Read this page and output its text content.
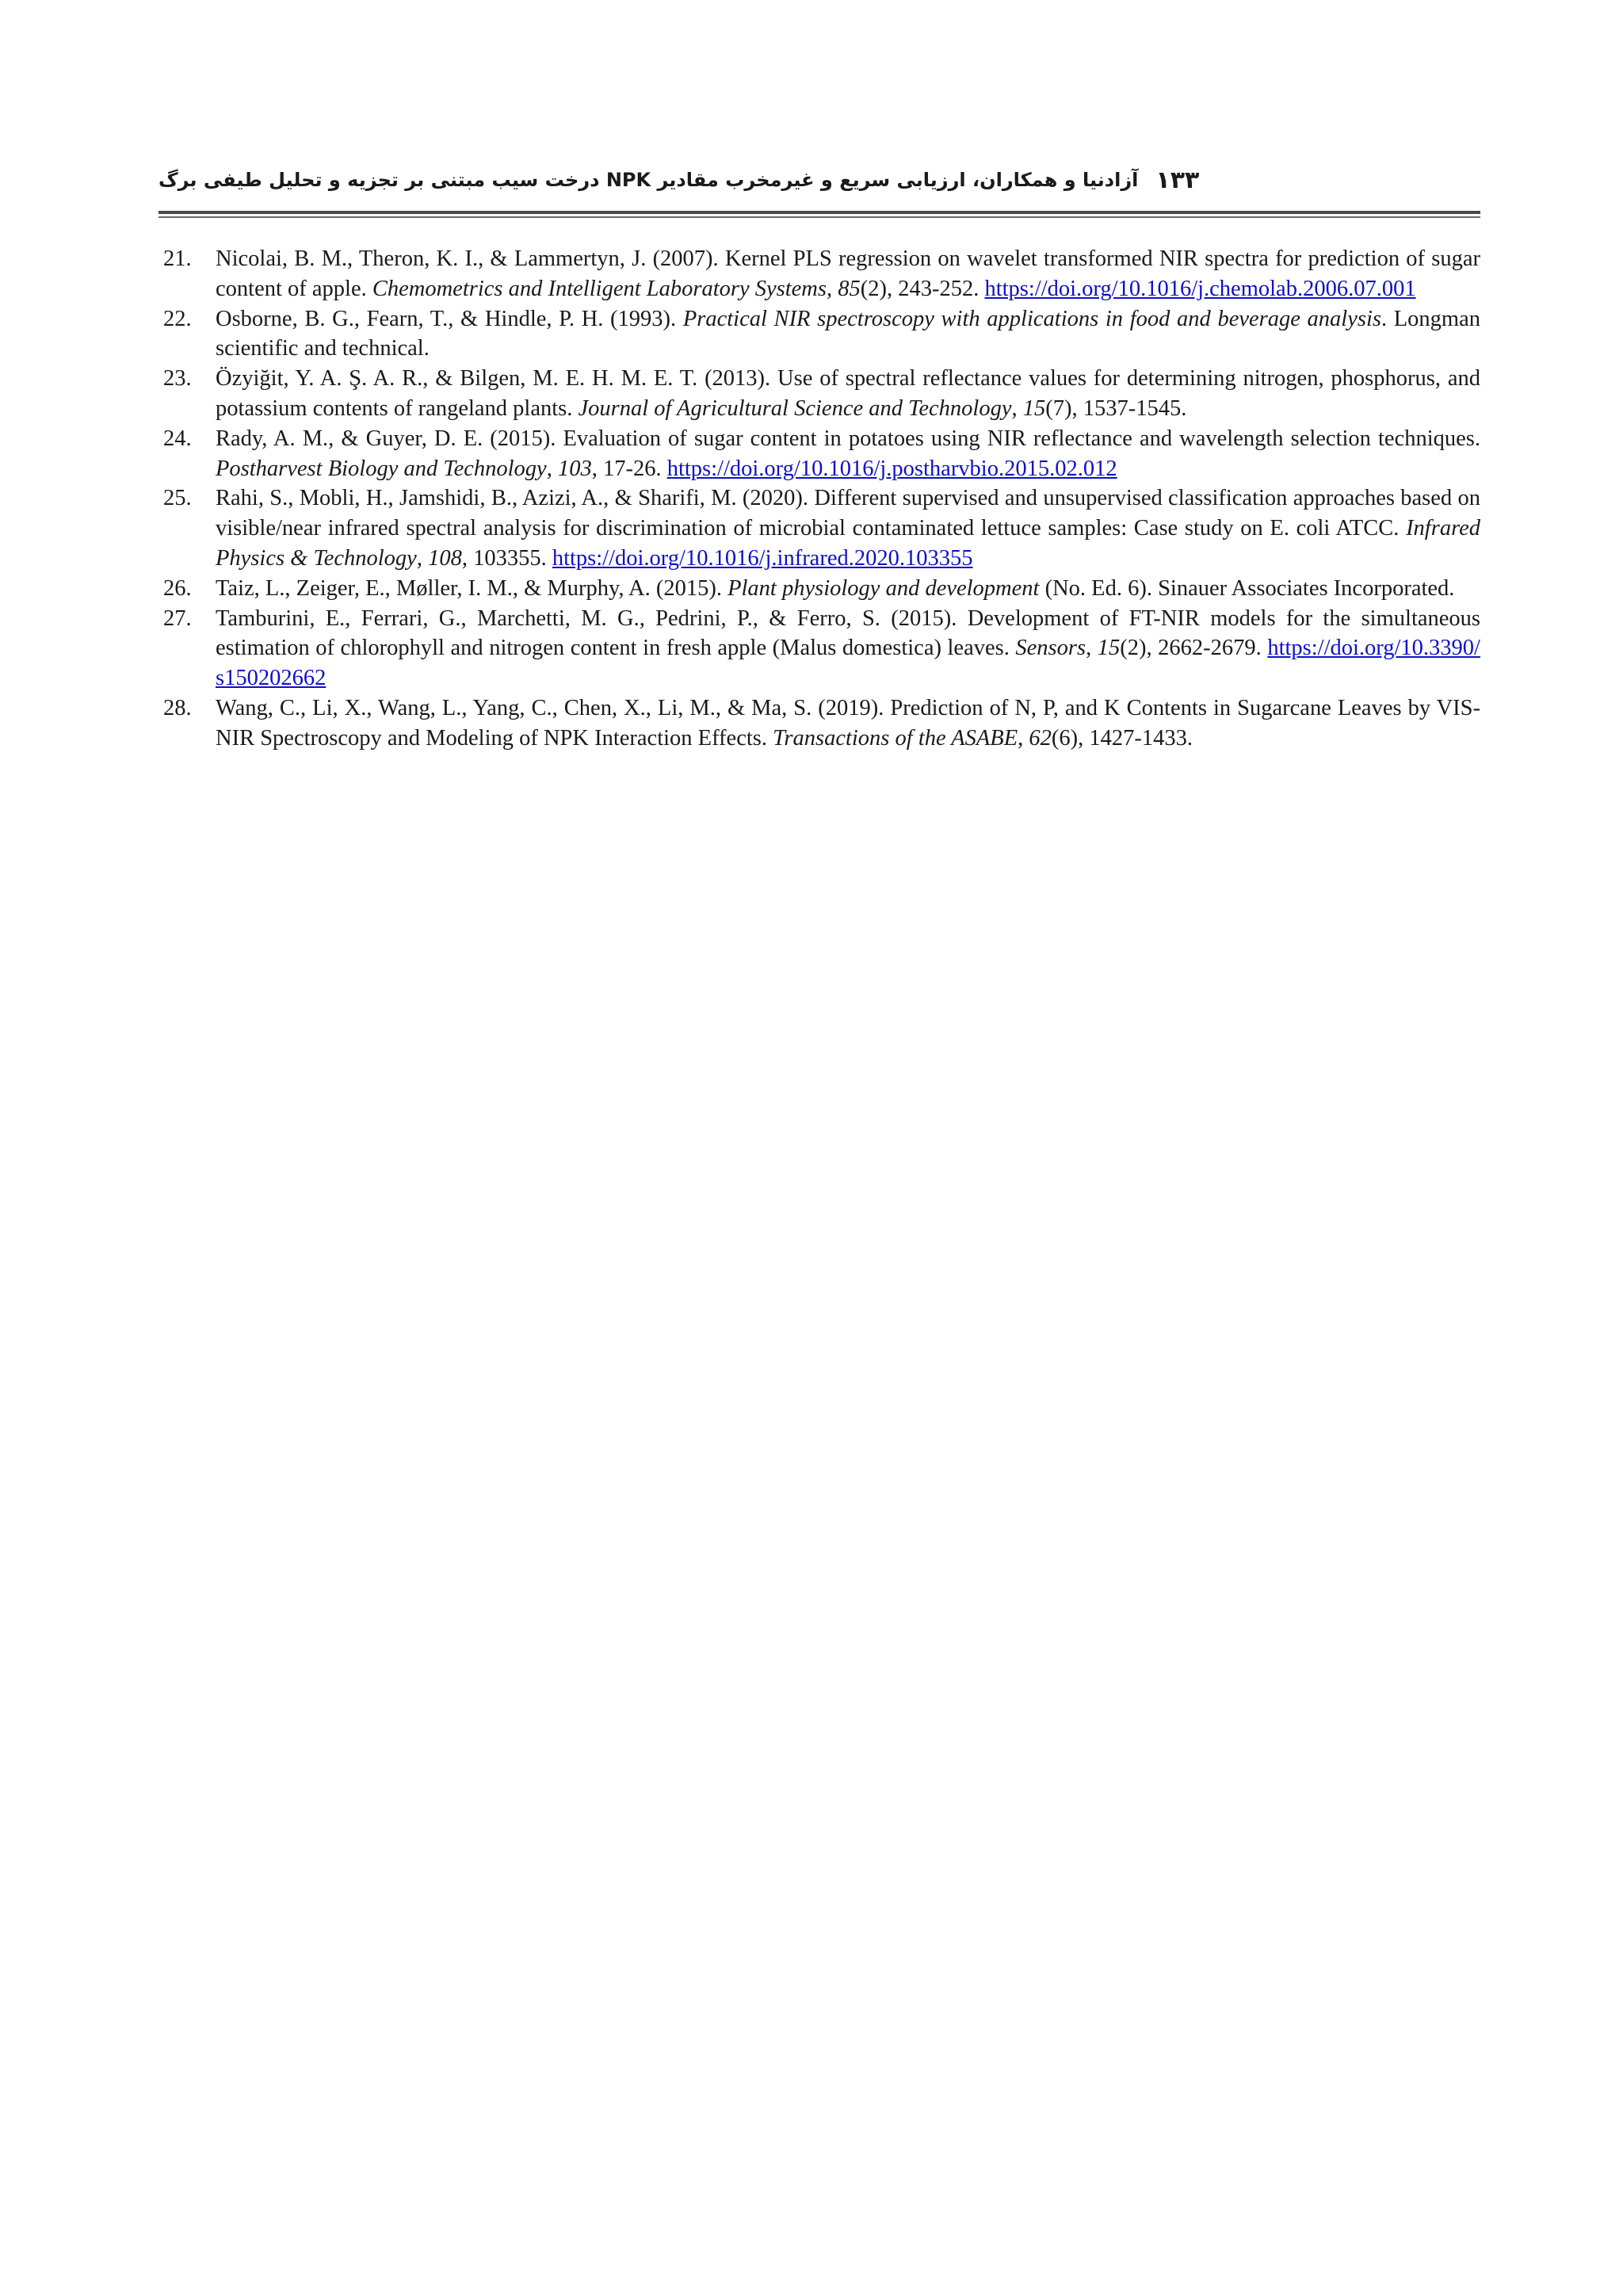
۱۳۳
آزادنیا و همکاران، ارزیابی سریع و غیرمخرب مقادیر NPK درخت سیب مبتنی بر تجزیه و تحلیل طیفی برگ
21. Nicolai, B. M., Theron, K. I., & Lammertyn, J. (2007). Kernel PLS regression on wavelet transformed NIR spectra for prediction of sugar content of apple. Chemometrics and Intelligent Laboratory Systems, 85(2), 243-252. https://doi.org/10.1016/j.chemolab.2006.07.001
22. Osborne, B. G., Fearn, T., & Hindle, P. H. (1993). Practical NIR spectroscopy with applications in food and beverage analysis. Longman scientific and technical.
23. Özyiğit, Y. A. Ş. A. R., & Bilgen, M. E. H. M. E. T. (2013). Use of spectral reflectance values for determining nitrogen, phosphorus, and potassium contents of rangeland plants. Journal of Agricultural Science and Technology, 15(7), 1537-1545.
24. Rady, A. M., & Guyer, D. E. (2015). Evaluation of sugar content in potatoes using NIR reflectance and wavelength selection techniques. Postharvest Biology and Technology, 103, 17-26. https://doi.org/10.1016/j.postharvbio.2015.02.012
25. Rahi, S., Mobli, H., Jamshidi, B., Azizi, A., & Sharifi, M. (2020). Different supervised and unsupervised classification approaches based on visible/near infrared spectral analysis for discrimination of microbial contaminated lettuce samples: Case study on E. coli ATCC. Infrared Physics & Technology, 108, 103355. https://doi.org/10.1016/j.infrared.2020.103355
26. Taiz, L., Zeiger, E., Møller, I. M., & Murphy, A. (2015). Plant physiology and development (No. Ed. 6). Sinauer Associates Incorporated.
27. Tamburini, E., Ferrari, G., Marchetti, M. G., Pedrini, P., & Ferro, S. (2015). Development of FT-NIR models for the simultaneous estimation of chlorophyll and nitrogen content in fresh apple (Malus domestica) leaves. Sensors, 15(2), 2662-2679. https://doi.org/10.3390/s150202662
28. Wang, C., Li, X., Wang, L., Yang, C., Chen, X., Li, M., & Ma, S. (2019). Prediction of N, P, and K Contents in Sugarcane Leaves by VIS-NIR Spectroscopy and Modeling of NPK Interaction Effects. Transactions of the ASABE, 62(6), 1427-1433.
